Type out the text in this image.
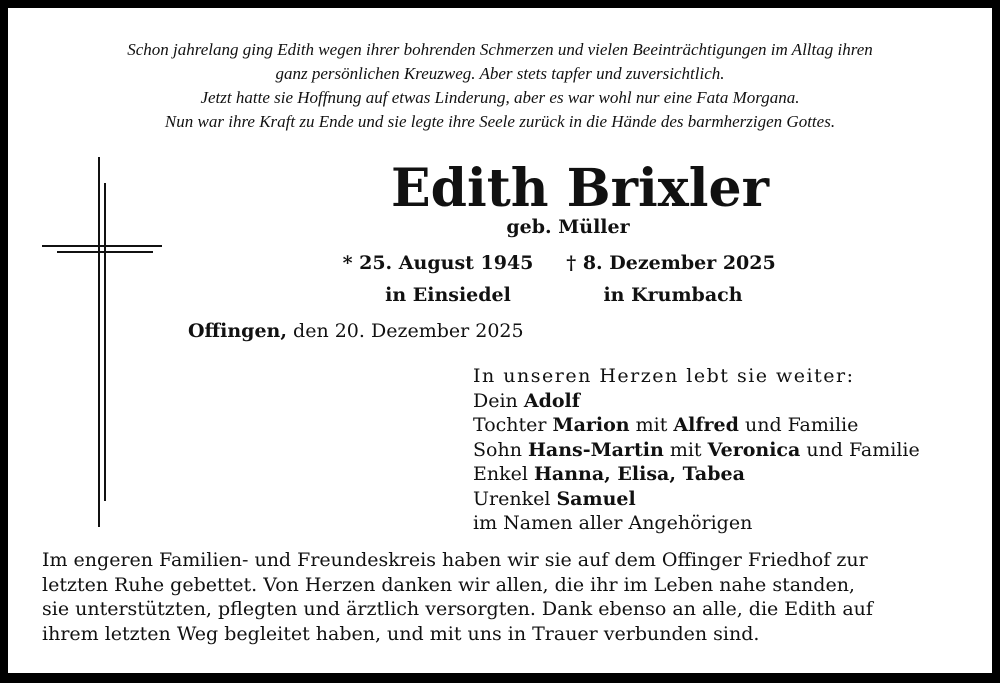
Schon jahrelang ging Edith wegen ihrer bohrenden Schmerzen und vielen Beeinträchtigungen im Alltag ihren
ganz persönlichen Kreuzweg. Aber stets tapfer und zuversichtlich.
Jetzt hatte sie Hoffnung auf etwas Linderung, aber es war wohl nur eine Fata Morgana.
Nun war ihre Kraft zu Ende und sie legte ihre Seele zurück in die Hände des barmherzigen Gottes.
Edith Brixler
geb. Müller
* 25. August 1945	† 8. Dezember 2025
in Einsiedel	in Krumbach
Offingen, den 20. Dezember 2025
In unseren Herzen lebt sie weiter:
Dein Adolf
Tochter Marion mit Alfred und Familie
Sohn Hans-Martin mit Veronica und Familie
Enkel Hanna, Elisa, Tabea
Urenkel Samuel
im Namen aller Angehörigen
Im engeren Familien- und Freundeskreis haben wir sie auf dem Offinger Friedhof zur
letzten Ruhe gebettet. Von Herzen danken wir allen, die ihr im Leben nahe standen,
sie unterstützten, pflegten und ärztlich versorgten. Dank ebenso an alle, die Edith auf
ihrem letzten Weg begleitet haben, und mit uns in Trauer verbunden sind.
